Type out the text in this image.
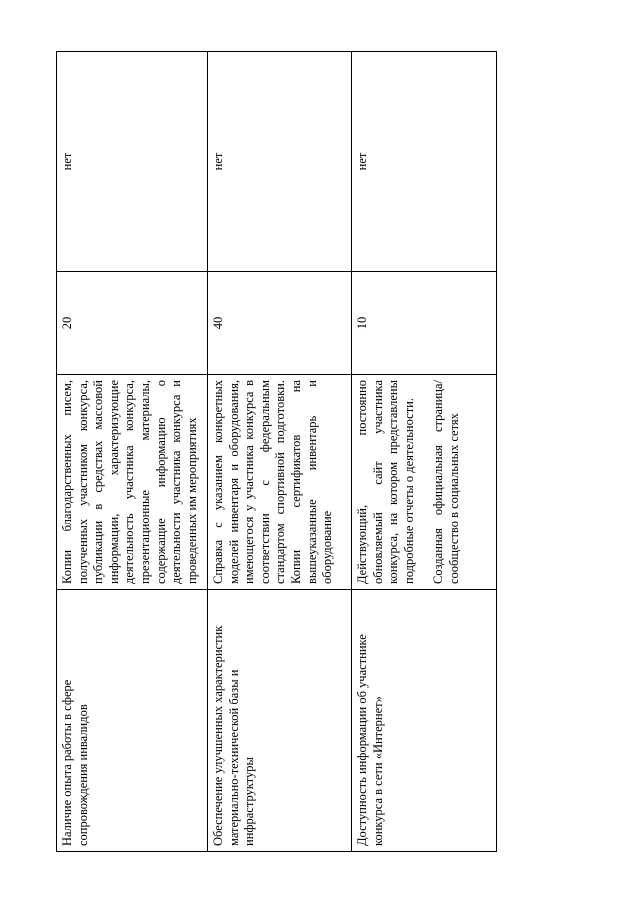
Наличие опыта работы в сфере сопровождения инвалидов	Копии благодарственных писем, полученных участником конкурса, публикации в средствах массовой информации, характеризующие деятельность участника конкурса, презентационные материалы, содержащие информацию о деятельности участника конкурса и проведенных им мероприятиях	20	нет
Обеспечение улучшенных характеристик материально-технической базы и инфраструктуры	Справка с указанием конкретных моделей инвентаря и оборудования, имеющегося у участника конкурса в соответствии с федеральным стандартом спортивной подготовки. Копии сертификатов на вышеуказанные инвентарь и оборудование	40	нет
Доступность информации об участнике конкурса в сети «Интернет»	Действующий, постоянно обновляемый сайт участника конкурса, на котором представлены подробные отчеты о деятельности. Созданная официальная страница/сообщество в социальных сетях	10	нет
